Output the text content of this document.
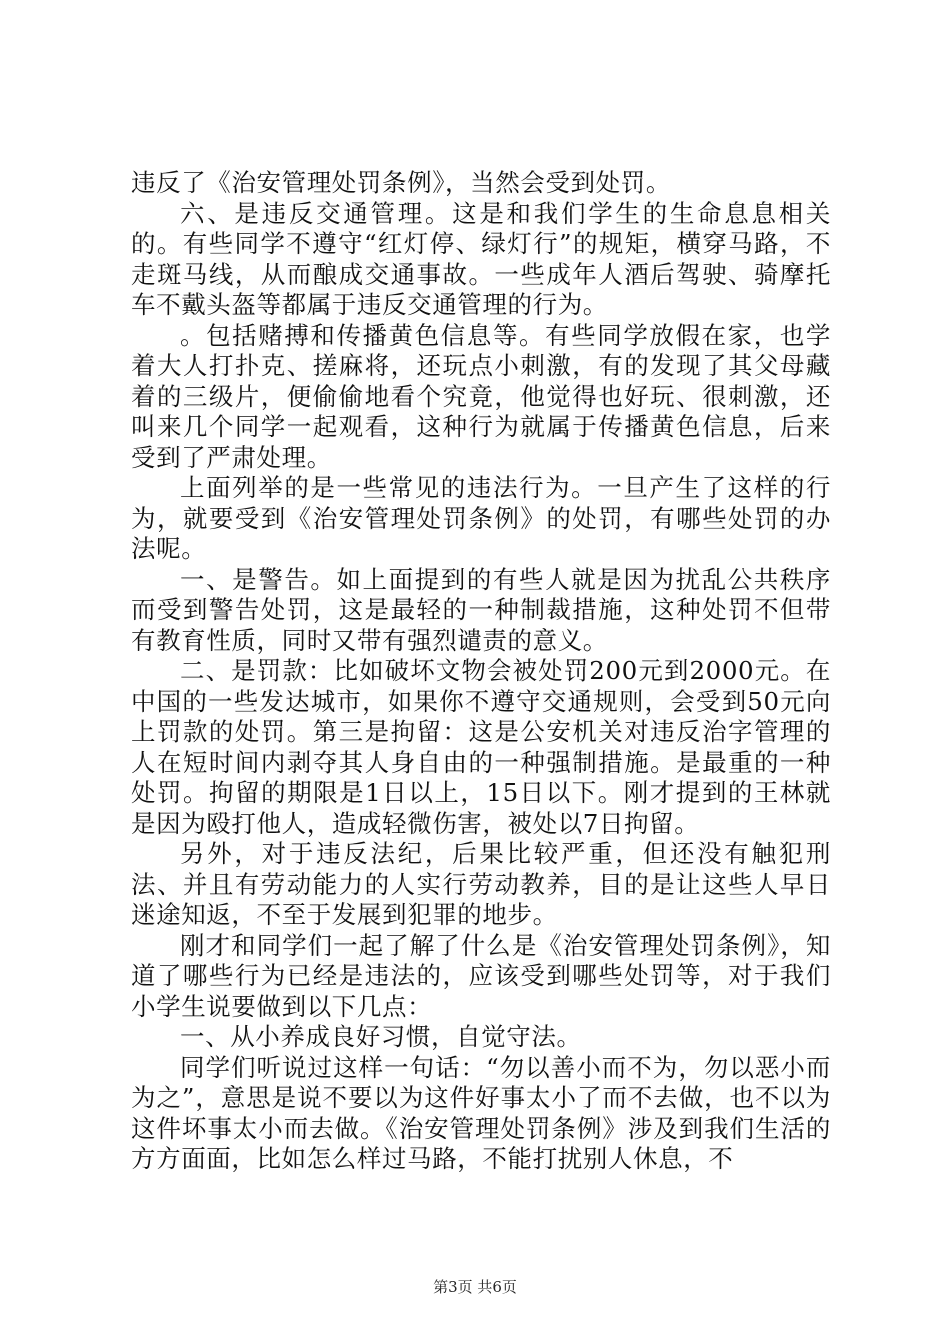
违反了《治安管理处罚条例》，当然会受到处罚。

六、是违反交通管理。这是和我们学生的生命息息相关的。有些同学不遵守“红灯停、绿灯行”的规矩，横穿马路，不走斑马线，从而酿成交通事故。一些成年人酒后驾驶、骑摩托车不戴头盔等都属于违反交通管理的行为。

。包括赌搏和传播黄色信息等。有些同学放假在家，也学着大人打扑克、搓麻将，还玩点小刺激，有的发现了其父母藏着的三级片，便偷偷地看个究竟，他觉得也好玩、很刺激，还叫来几个同学一起观看，这种行为就属于传播黄色信息，后来受到了严肃处理。

上面列举的是一些常见的违法行为。一旦产生了这样的行为，就要受到《治安管理处罚条例》的处罚，有哪些处罚的办法呢。

一、是警告。如上面提到的有些人就是因为扰乱公共秩序而受到警告处罚，这是最轻的一种制裁措施，这种处罚不但带有教育性质，同时又带有强烈谴责的意义。

二、是罚款：比如破坏文物会被处罚200元到2000元。在中国的一些发达城市，如果你不遵守交通规则，会受到50元向上罚款的处罚。第三是拘留：这是公安机关对违反治字管理的人在短时间内剥夺其人身自由的一种强制措施。是最重的一种处罚。拘留的期限是1日以上，15日以下。刚才提到的王林就是因为殴打他人，造成轻微伤害，被处以7日拘留。

另外，对于违反法纪，后果比较严重，但还没有触犯刑法、并且有劳动能力的人实行劳动教养，目的是让这些人早日迷途知返，不至于发展到犯罪的地步。

刚才和同学们一起了解了什么是《治安管理处罚条例》，知道了哪些行为已经是违法的，应该受到哪些处罚等，对于我们小学生说要做到以下几点：

一、从小养成良好习惯，自觉守法。

同学们听说过这样一句话：“勿以善小而不为，勿以恶小而为之”，意思是说不要以为这件好事太小了而不去做，也不以为这件坏事太小而去做。《治安管理处罚条例》涉及到我们生活的方方面面，比如怎么样过马路，不能打扰别人休息，不

第3页 共6页
